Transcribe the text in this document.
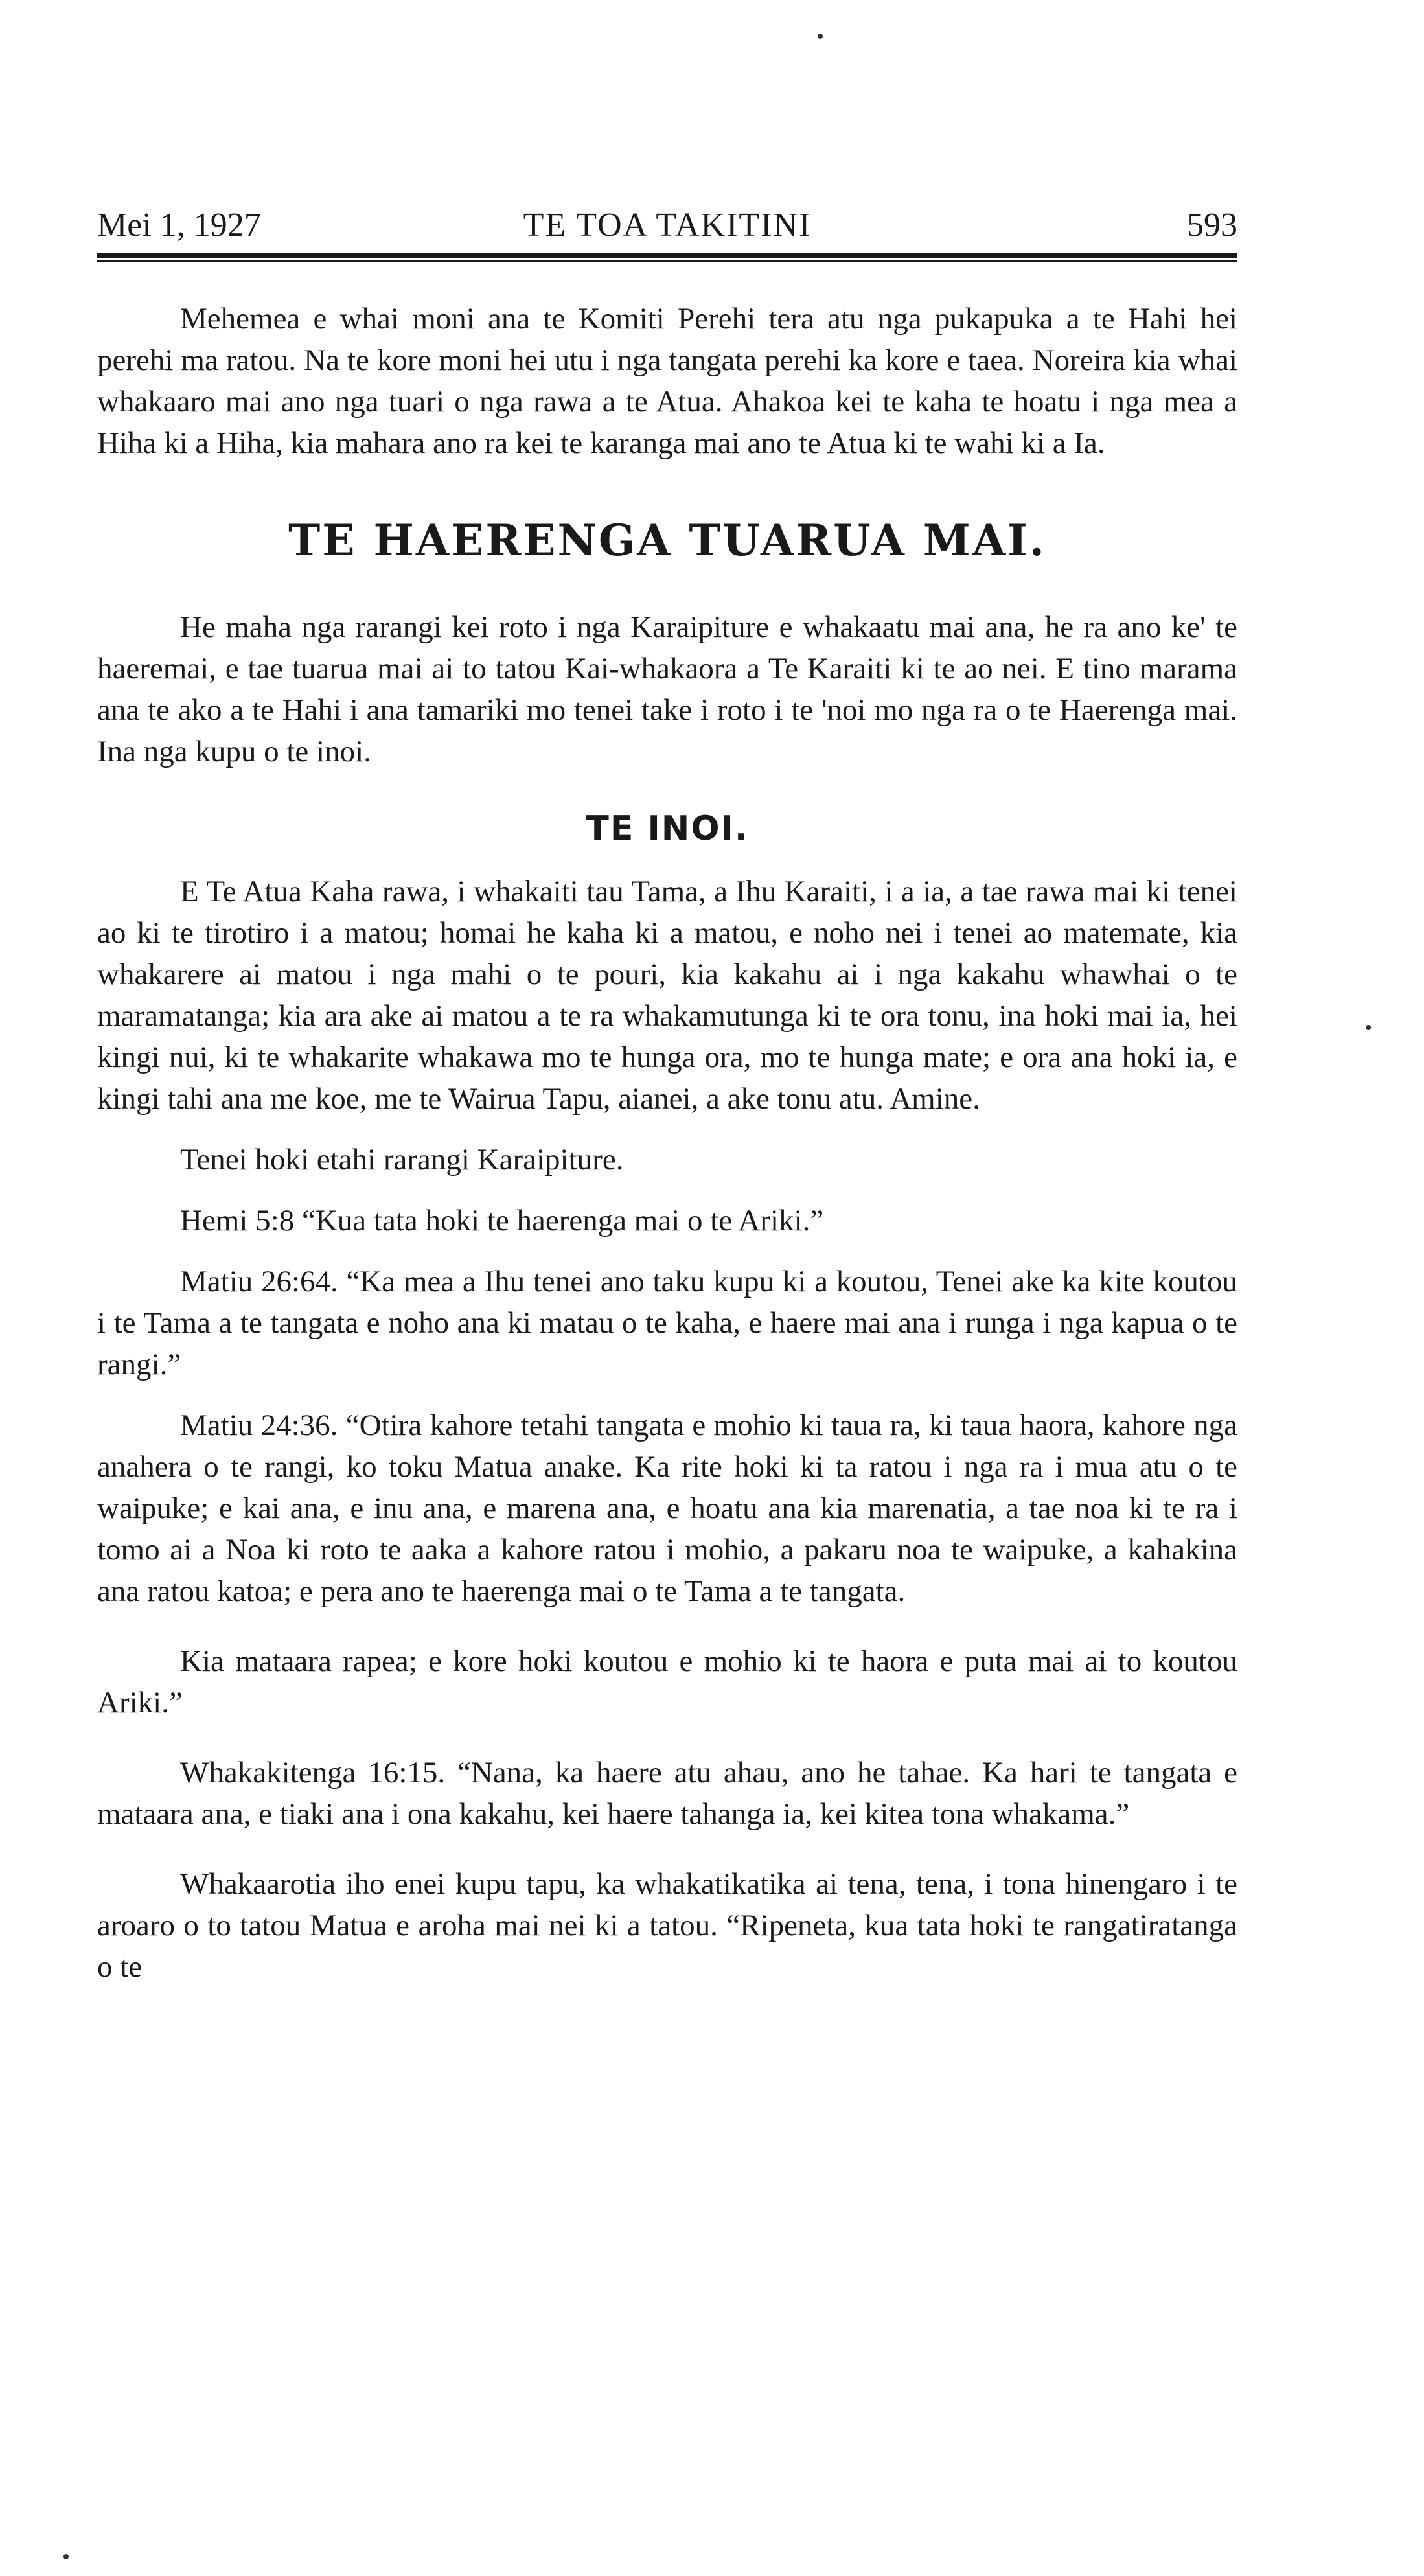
Mei 1, 1927	TE TOA TAKITINI	593

Mehemea e whai moni ana te Komiti Perehi tera atu nga pukapuka a te Hahi hei perehi ma ratou. Na te kore moni hei utu i nga tangata perehi ka kore e taea. Noreira kia whai whakaaro mai ano nga tuari o nga rawa a te Atua. Ahakoa kei te kaha te hoatu i nga mea a Hiha ki a Hiha, kia mahara ano ra kei te karanga mai ano te Atua ki te wahi ki a Ia.

TE HAERENGA TUARUA MAI.

He maha nga rarangi kei roto i nga Karaipiture e whakaatu mai ana, he ra ano ke' te haeremai, e tae tuarua mai ai to tatou Kai-whakaora a Te Karaiti ki te ao nei. E tino marama ana te ako a te Hahi i ana tamariki mo tenei take i roto i te 'noi mo nga ra o te Haerenga mai. Ina nga kupu o te inoi.

TE INOI.

E Te Atua Kaha rawa, i whakaiti tau Tama, a Ihu Karaiti, i a ia, a tae rawa mai ki tenei ao ki te tirotiro i a matou; homai he kaha ki a matou, e noho nei i tenei ao matemate, kia whakarere ai matou i nga mahi o te pouri, kia kakahu ai i nga kakahu whawhai o te maramatanga; kia ara ake ai matou a te ra whakamutunga ki te ora tonu, ina hoki mai ia, hei kingi nui, ki te whakarite whakawa mo te hunga ora, mo te hunga mate; e ora ana hoki ia, e kingi tahi ana me koe, me te Wairua Tapu, aianei, a ake tonu atu. Amine.

Tenei hoki etahi rarangi Karaipiture.

Hemi 5:8 “Kua tata hoki te haerenga mai o te Ariki.”

Matiu 26:64. “Ka mea a Ihu tenei ano taku kupu ki a koutou, Tenei ake ka kite koutou i te Tama a te tangata e noho ana ki matau o te kaha, e haere mai ana i runga i nga kapua o te rangi.”

Matiu 24:36. “Otira kahore tetahi tangata e mohio ki taua ra, ki taua haora, kahore nga anahera o te rangi, ko toku Matua anake. Ka rite hoki ki ta ratou i nga ra i mua atu o te waipuke; e kai ana, e inu ana, e marena ana, e hoatu ana kia marenatia, a tae noa ki te ra i tomo ai a Noa ki roto te aaka a kahore ratou i mohio, a pakaru noa te waipuke, a kahakina ana ratou katoa; e pera ano te haerenga mai o te Tama a te tangata.

Kia mataara rapea; e kore hoki koutou e mohio ki te haora e puta mai ai to koutou Ariki.”

Whakakitenga 16:15. “Nana, ka haere atu ahau, ano he tahae. Ka hari te tangata e mataara ana, e tiaki ana i ona kakahu, kei haere tahanga ia, kei kitea tona whakama.”

Whakaarotia iho enei kupu tapu, ka whakatikatika ai tena, tena, i tona hinengaro i te aroaro o to tatou Matua e aroha mai nei ki a tatou. “Ripeneta, kua tata hoki te rangatiratanga o te
